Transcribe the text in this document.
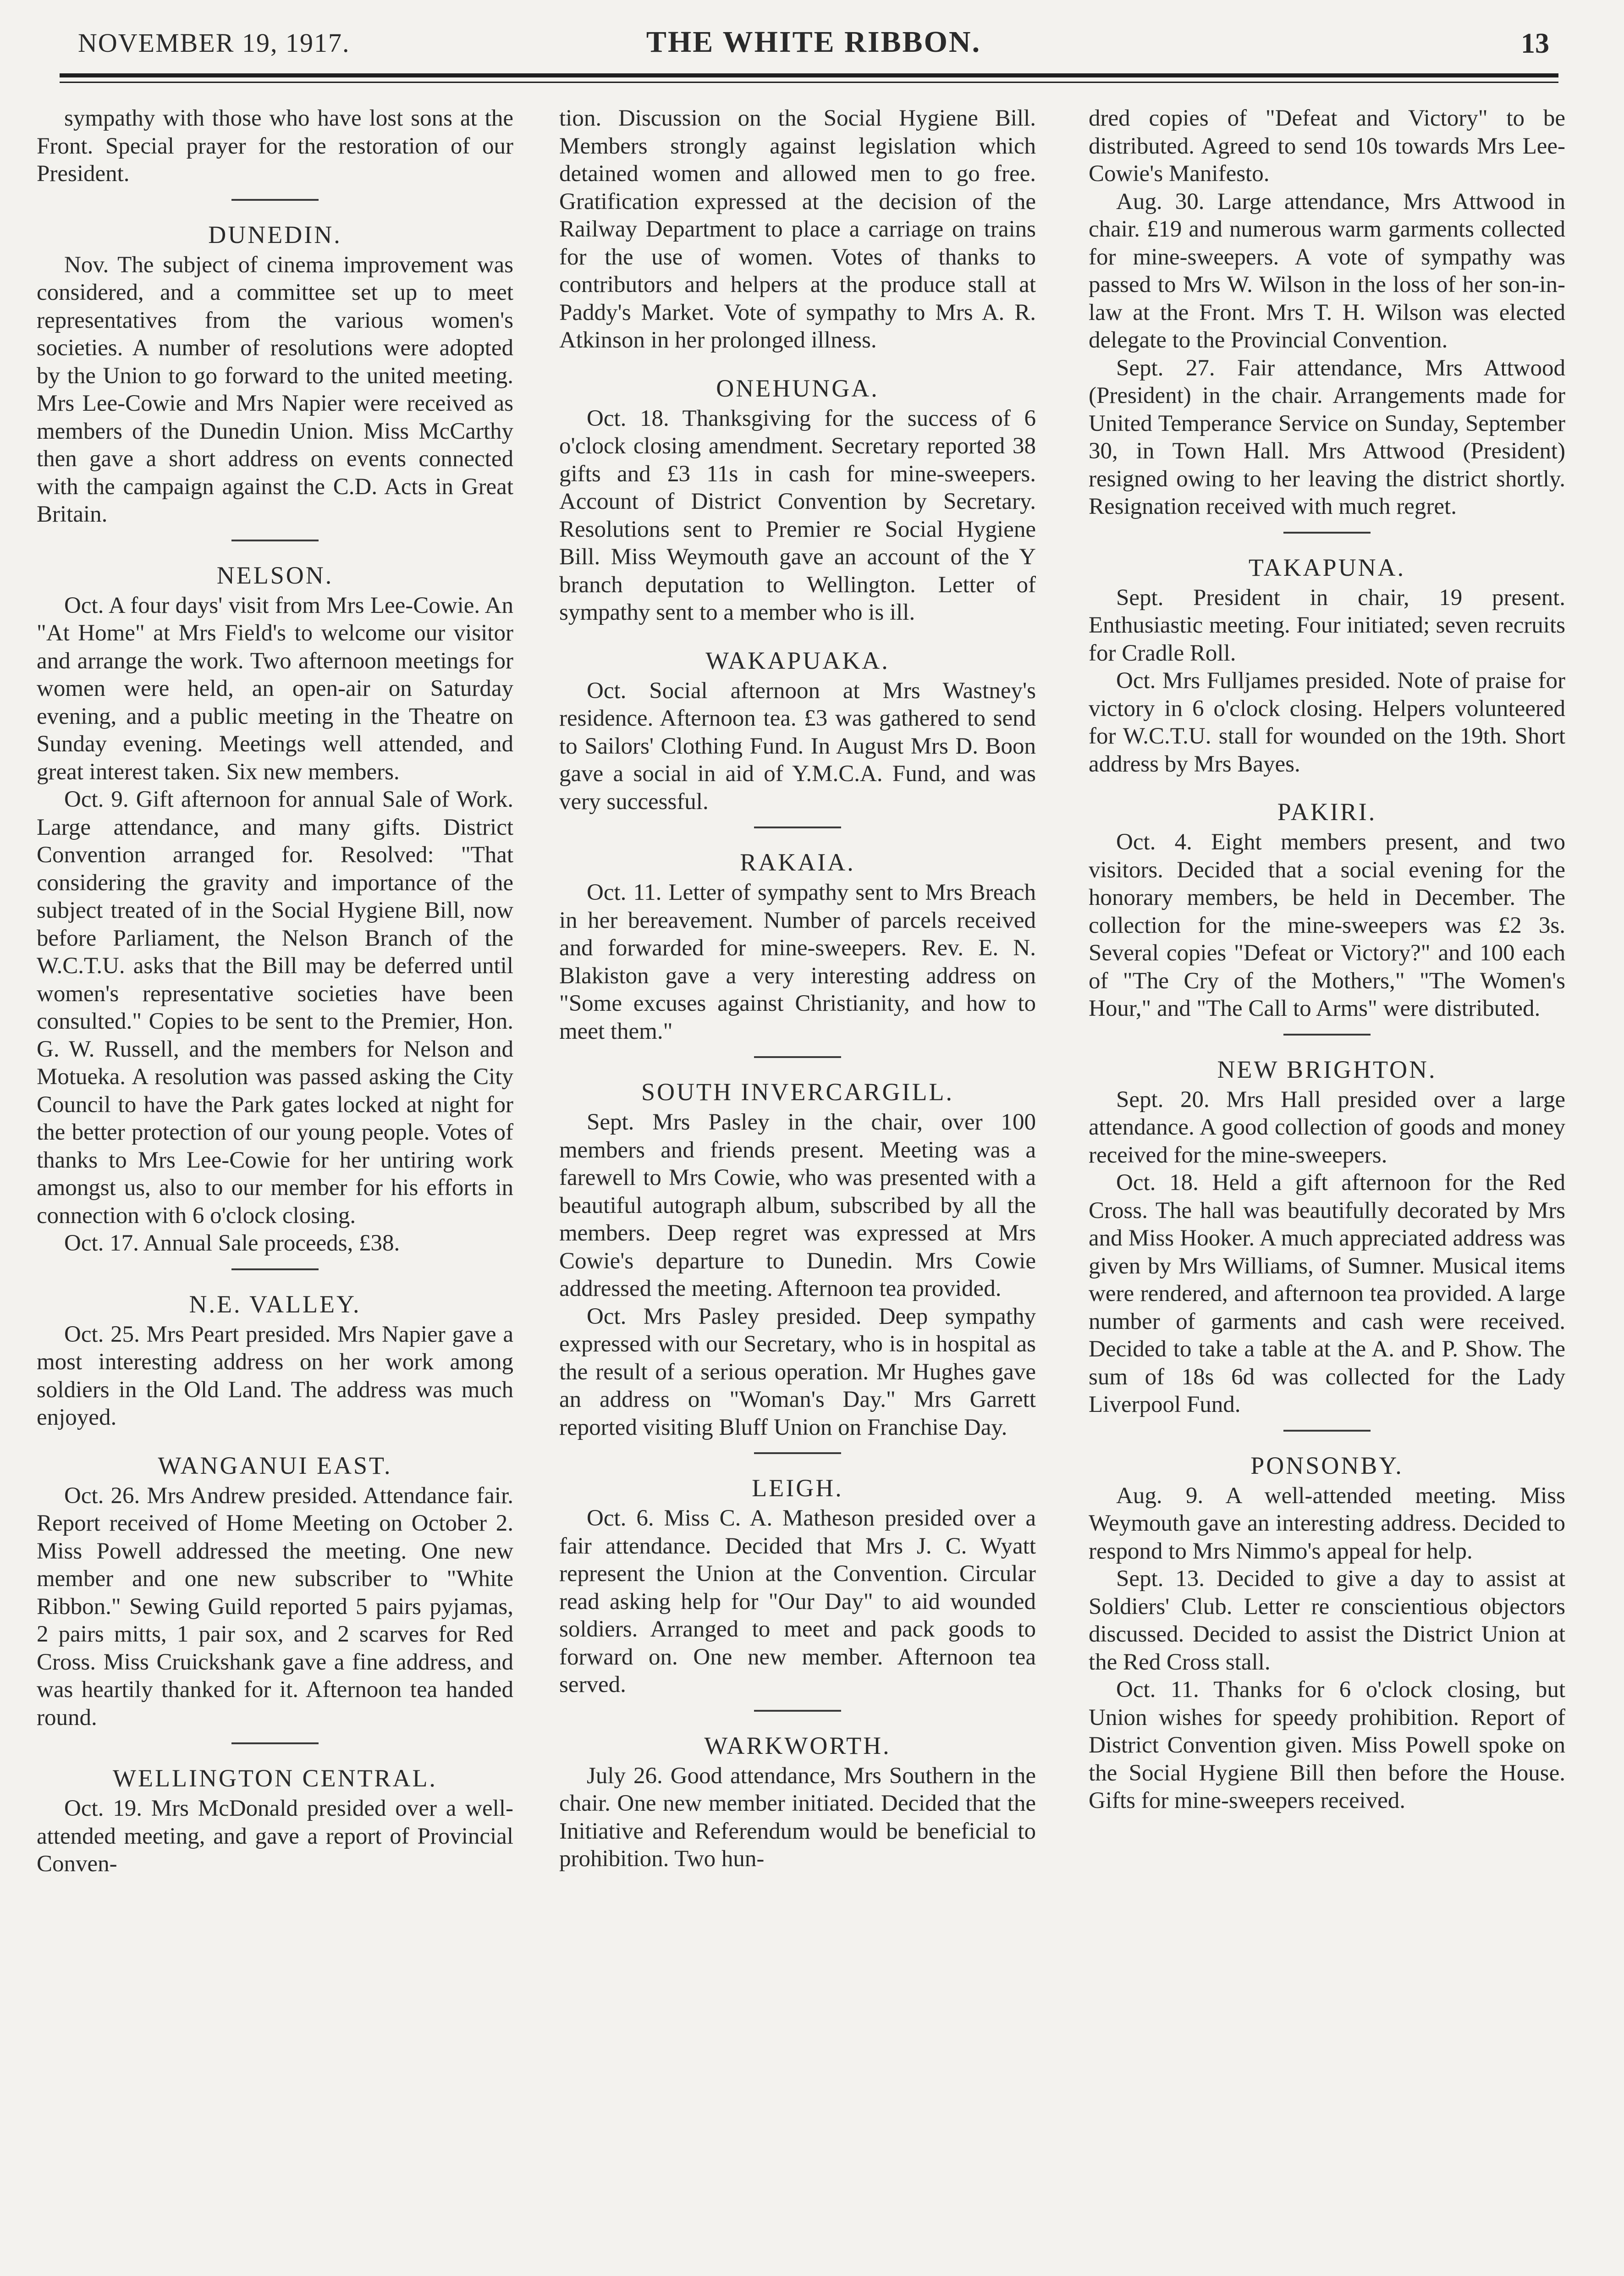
NOVEMBER 19, 1917.	THE WHITE RIBBON.	13

sympathy with those who have lost sons at the Front. Special prayer for the restoration of our President.

DUNEDIN.

Nov. The subject of cinema improvement was considered, and a committee set up to meet representatives from the various women's societies. A number of resolutions were adopted by the Union to go forward to the united meeting. Mrs Lee-Cowie and Mrs Napier were received as members of the Dunedin Union. Miss McCarthy then gave a short address on events connected with the campaign against the C.D. Acts in Great Britain.

NELSON.

Oct. A four days' visit from Mrs Lee-Cowie. An "At Home" at Mrs Field's to welcome our visitor and arrange the work. Two afternoon meetings for women were held, an open-air on Saturday evening, and a public meeting in the Theatre on Sunday evening. Meetings well attended, and great interest taken. Six new members.

Oct. 9. Gift afternoon for annual Sale of Work. Large attendance, and many gifts. District Convention arranged for. Resolved: "That considering the gravity and importance of the subject treated of in the Social Hygiene Bill, now before Parliament, the Nelson Branch of the W.C.T.U. asks that the Bill may be deferred until women's representative societies have been consulted." Copies to be sent to the Premier, Hon. G. W. Russell, and the members for Nelson and Motueka. A resolution was passed asking the City Council to have the Park gates locked at night for the better protection of our young people. Votes of thanks to Mrs Lee-Cowie for her untiring work amongst us, also to our member for his efforts in connection with 6 o'clock closing.

Oct. 17. Annual Sale proceeds, £38.

N.E. VALLEY.

Oct. 25. Mrs Peart presided. Mrs Napier gave a most interesting address on her work among soldiers in the Old Land. The address was much enjoyed.

WANGANUI EAST.

Oct. 26. Mrs Andrew presided. Attendance fair. Report received of Home Meeting on October 2. Miss Powell addressed the meeting. One new member and one new subscriber to "White Ribbon." Sewing Guild reported 5 pairs pyjamas, 2 pairs mitts, 1 pair sox, and 2 scarves for Red Cross. Miss Cruickshank gave a fine address, and was heartily thanked for it. Afternoon tea handed round.

WELLINGTON CENTRAL.

Oct. 19. Mrs McDonald presided over a well-attended meeting, and gave a report of Provincial Conven-

tion. Discussion on the Social Hygiene Bill. Members strongly against legislation which detained women and allowed men to go free. Gratification expressed at the decision of the Railway Department to place a carriage on trains for the use of women. Votes of thanks to contributors and helpers at the produce stall at Paddy's Market. Vote of sympathy to Mrs A. R. Atkinson in her prolonged illness.

ONEHUNGA.

Oct. 18. Thanksgiving for the success of 6 o'clock closing amendment. Secretary reported 38 gifts and £3 11s in cash for mine-sweepers. Account of District Convention by Secretary. Resolutions sent to Premier re Social Hygiene Bill. Miss Weymouth gave an account of the Y branch deputation to Wellington. Letter of sympathy sent to a member who is ill.

WAKAPUAKA.

Oct. Social afternoon at Mrs Wastney's residence. Afternoon tea. £3 was gathered to send to Sailors' Clothing Fund. In August Mrs D. Boon gave a social in aid of Y.M.C.A. Fund, and was very successful.

RAKAIA.

Oct. 11. Letter of sympathy sent to Mrs Breach in her bereavement. Number of parcels received and forwarded for mine-sweepers. Rev. E. N. Blakiston gave a very interesting address on "Some excuses against Christianity, and how to meet them."

SOUTH INVERCARGILL.

Sept. Mrs Pasley in the chair, over 100 members and friends present. Meeting was a farewell to Mrs Cowie, who was presented with a beautiful autograph album, subscribed by all the members. Deep regret was expressed at Mrs Cowie's departure to Dunedin. Mrs Cowie addressed the meeting. Afternoon tea provided.

Oct. Mrs Pasley presided. Deep sympathy expressed with our Secretary, who is in hospital as the result of a serious operation. Mr Hughes gave an address on "Woman's Day." Mrs Garrett reported visiting Bluff Union on Franchise Day.

LEIGH.

Oct. 6. Miss C. A. Matheson presided over a fair attendance. Decided that Mrs J. C. Wyatt represent the Union at the Convention. Circular read asking help for "Our Day" to aid wounded soldiers. Arranged to meet and pack goods to forward on. One new member. Afternoon tea served.

WARKWORTH.

July 26. Good attendance, Mrs Southern in the chair. One new member initiated. Decided that the Initiative and Referendum would be beneficial to prohibition. Two hun-

dred copies of "Defeat and Victory" to be distributed. Agreed to send 10s towards Mrs Lee-Cowie's Manifesto.

Aug. 30. Large attendance, Mrs Attwood in chair. £19 and numerous warm garments collected for mine-sweepers. A vote of sympathy was passed to Mrs W. Wilson in the loss of her son-in-law at the Front. Mrs T. H. Wilson was elected delegate to the Provincial Convention.

Sept. 27. Fair attendance, Mrs Attwood (President) in the chair. Arrangements made for United Temperance Service on Sunday, September 30, in Town Hall. Mrs Attwood (President) resigned owing to her leaving the district shortly. Resignation received with much regret.

TAKAPUNA.

Sept. President in chair, 19 present. Enthusiastic meeting. Four initiated; seven recruits for Cradle Roll.

Oct. Mrs Fulljames presided. Note of praise for victory in 6 o'clock closing. Helpers volunteered for W.C.T.U. stall for wounded on the 19th. Short address by Mrs Bayes.

PAKIRI.

Oct. 4. Eight members present, and two visitors. Decided that a social evening for the honorary members, be held in December. The collection for the mine-sweepers was £2 3s. Several copies "Defeat or Victory?" and 100 each of "The Cry of the Mothers," "The Women's Hour," and "The Call to Arms" were distributed.

NEW BRIGHTON.

Sept. 20. Mrs Hall presided over a large attendance. A good collection of goods and money received for the mine-sweepers.

Oct. 18. Held a gift afternoon for the Red Cross. The hall was beautifully decorated by Mrs and Miss Hooker. A much appreciated address was given by Mrs Williams, of Sumner. Musical items were rendered, and afternoon tea provided. A large number of garments and cash were received. Decided to take a table at the A. and P. Show. The sum of 18s 6d was collected for the Lady Liverpool Fund.

PONSONBY.

Aug. 9. A well-attended meeting. Miss Weymouth gave an interesting address. Decided to respond to Mrs Nimmo's appeal for help.

Sept. 13. Decided to give a day to assist at Soldiers' Club. Letter re conscientious objectors discussed. Decided to assist the District Union at the Red Cross stall.

Oct. 11. Thanks for 6 o'clock closing, but Union wishes for speedy prohibition. Report of District Convention given. Miss Powell spoke on the Social Hygiene Bill then before the House. Gifts for mine-sweepers received.
